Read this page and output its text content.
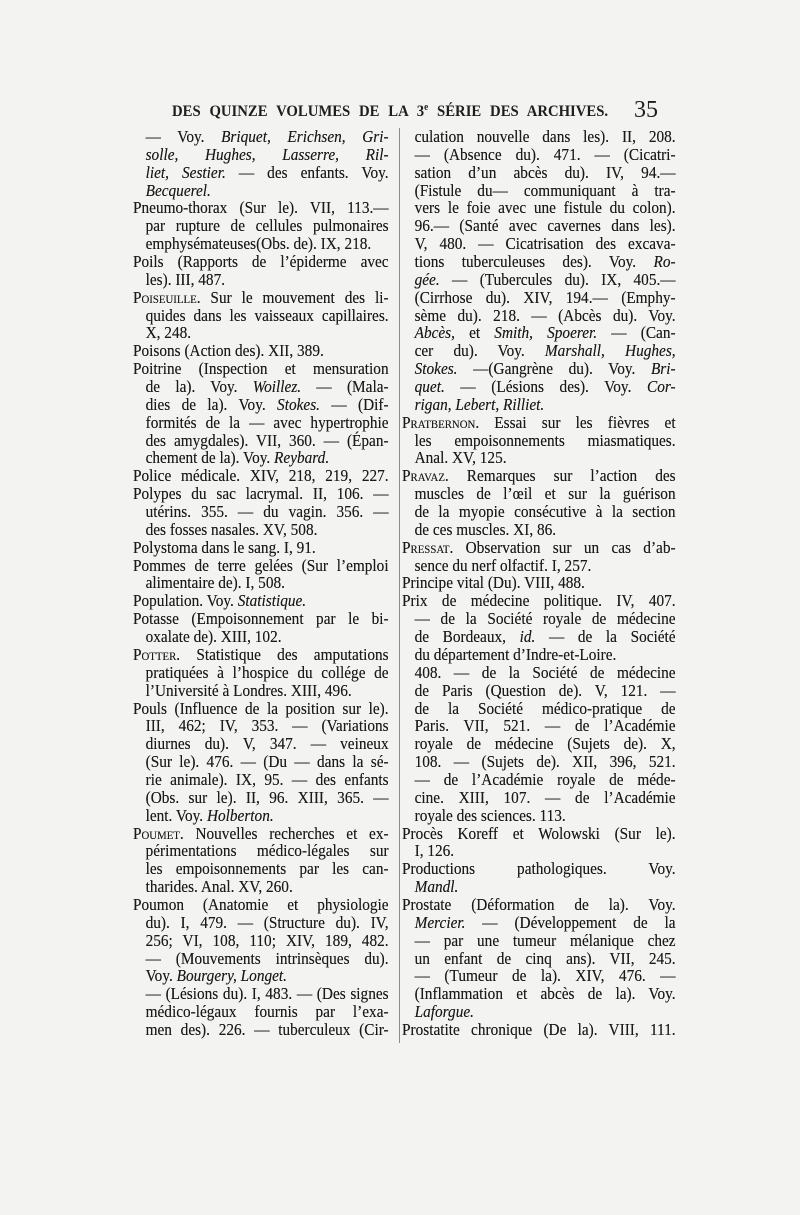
DES QUINZE VOLUMES DE LA 3e SÉRIE DES ARCHIVES. 35
— Voy. Briquet, Erichsen, Gri-
solle, Hughes, Lasserre, Ril-
liet, Sestier. — des enfants. Voy.
Becquerel.
Pneumo-thorax (Sur le). VII, 113.—
par rupture de cellules pulmonaires
emphysémateuses(Obs. de). IX, 218.
Poils (Rapports de l’épiderme avec
les). III, 487.
Poiseuille. Sur le mouvement des li-
quides dans les vaisseaux capillaires.
X, 248.
Poisons (Action des). XII, 389.
Poitrine (Inspection et mensuration
de la). Voy. Woillez. — (Mala-
dies de la). Voy. Stokes. — (Dif-
formités de la — avec hypertrophie
des amygdales). VII, 360. — (Épan-
chement de la). Voy. Reybard.
Police médicale. XIV, 218, 219, 227.
Polypes du sac lacrymal. II, 106. —
utérins. 355. — du vagin. 356. —
des fosses nasales. XV, 508.
Polystoma dans le sang. I, 91.
Pommes de terre gelées (Sur l’emploi
alimentaire de). I, 508.
Population. Voy. Statistique.
Potasse (Empoisonnement par le bi-
oxalate de). XIII, 102.
Potter. Statistique des amputations
pratiquées à l’hospice du collége de
l’Université à Londres. XIII, 496.
Pouls (Influence de la position sur le).
III, 462; IV, 353. — (Variations
diurnes du). V, 347. — veineux
(Sur le). 476. — (Du — dans la sé-
rie animale). IX, 95. — des enfants
(Obs. sur le). II, 96. XIII, 365. —
lent. Voy. Holberton.
Poumet. Nouvelles recherches et ex-
périmentations médico-légales sur
les empoisonnements par les can-
tharides. Anal. XV, 260.
Poumon (Anatomie et physiologie
du). I, 479. — (Structure du). IV,
256; VI, 108, 110; XIV, 189, 482.
— (Mouvements intrinsèques du).
Voy. Bourgery, Longet.
— (Lésions du). I, 483. — (Des signes
médico-légaux fournis par l’exa-
men des). 226. — tuberculeux (Cir-
culation nouvelle dans les). II, 208.
— (Absence du). 471. — (Cicatri-
sation d’un abcès du). IV, 94.—
(Fistule du— communiquant à tra-
vers le foie avec une fistule du colon).
96.— (Santé avec cavernes dans les).
V, 480. — Cicatrisation des excava-
tions tuberculeuses des). Voy. Ro-
gée. — (Tubercules du). IX, 405.—
(Cirrhose du). XIV, 194.— (Emphy-
sème du). 218. — (Abcès du). Voy.
Abcès, et Smith, Spoerer. — (Can-
cer du). Voy. Marshall, Hughes,
Stokes. —(Gangrène du). Voy. Bri-
quet. — (Lésions des). Voy. Cor-
rigan, Lebert, Rilliet.
Pratbernon. Essai sur les fièvres et
les empoisonnements miasmatiques.
Anal. XV, 125.
Pravaz. Remarques sur l’action des
muscles de l’œil et sur la guérison
de la myopie consécutive à la section
de ces muscles. XI, 86.
Pressat. Observation sur un cas d’ab-
sence du nerf olfactif. I, 257.
Principe vital (Du). VIII, 488.
Prix de médecine politique. IV, 407.
— de la Société royale de médecine
de Bordeaux, id. — de la Société
du département d’Indre-et-Loire.
408. — de la Société de médecine
de Paris (Question de). V, 121. —
de la Société médico-pratique de
Paris. VII, 521. — de l’Académie
royale de médecine (Sujets de). X,
108. — (Sujets de). XII, 396, 521.
— de l’Académie royale de méde-
cine. XIII, 107. — de l’Académie
royale des sciences. 113.
Procès Koreff et Wolowski (Sur le).
I, 126.
Productions pathologiques. Voy.
Mandl.
Prostate (Déformation de la). Voy.
Mercier. — (Développement de la
— par une tumeur mélanique chez
un enfant de cinq ans). VII, 245.
— (Tumeur de la). XIV, 476. —
(Inflammation et abcès de la). Voy.
Laforgue.
Prostatite chronique (De la). VIII, 111.
